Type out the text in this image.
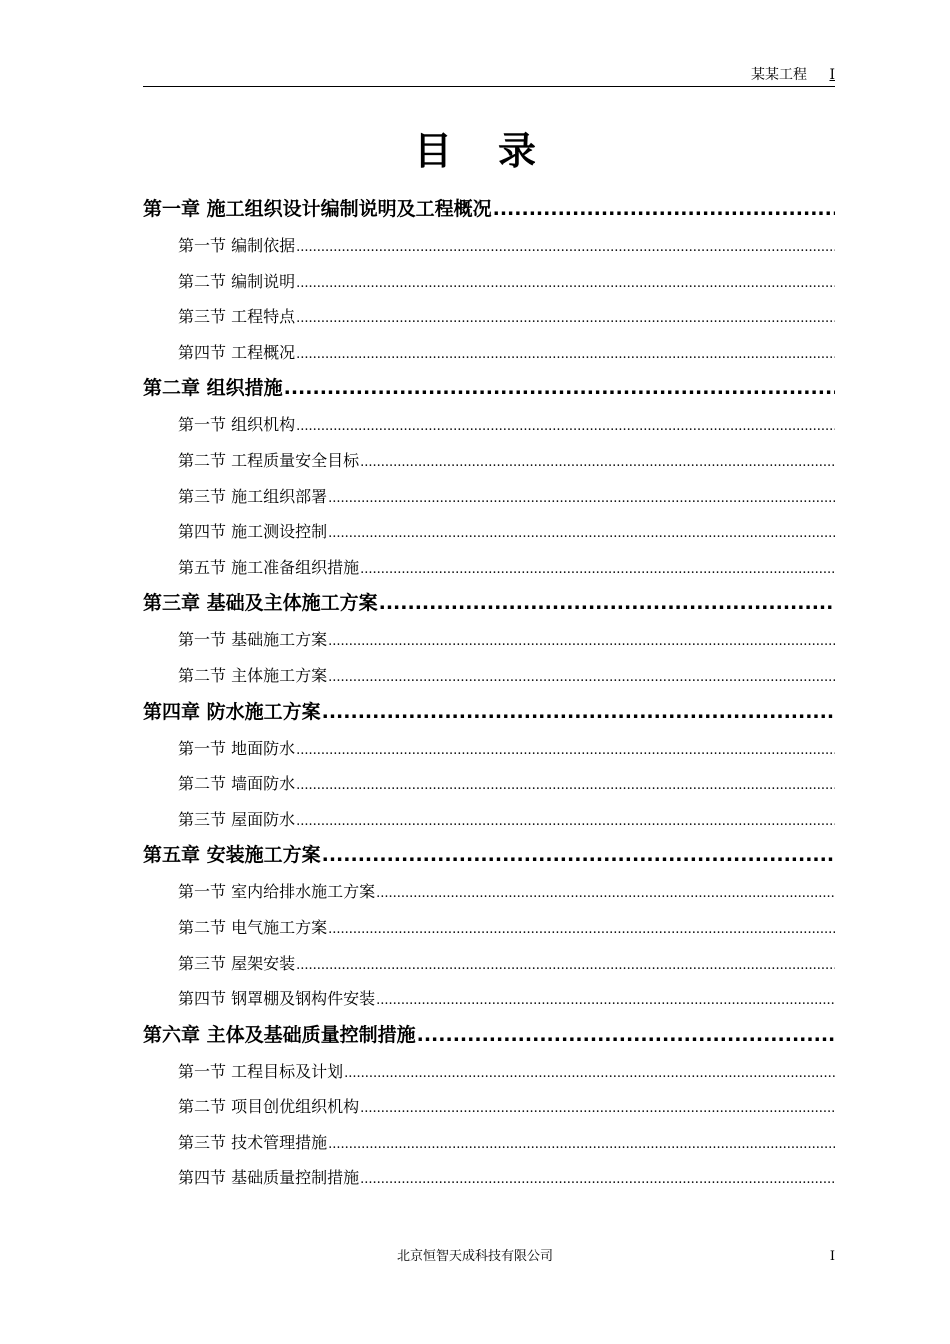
某某工程 I
目录
第一章 施工组织设计编制说明及工程概况
.....
第一节 编制依据
.....
第二节 编制说明
.....
第三节 工程特点
.....
第四节 工程概况
.....
第二章 组织措施
.....
第一节 组织机构
.....
第二节 工程质量安全目标
.....
第三节 施工组织部署
.....
第四节 施工测设控制
.....
第五节 施工准备组织措施
.....
第三章 基础及主体施工方案
.....
第一节 基础施工方案
.....
第二节 主体施工方案
.....
第四章 防水施工方案
.....
第一节 地面防水
.....
第二节 墙面防水
.....
第三节 屋面防水
.....
第五章 安装施工方案
.....
第一节 室内给排水施工方案
.....
第二节 电气施工方案
.....
第三节 屋架安装
.....
第四节 钢罩棚及钢构件安装
.....
第六章 主体及基础质量控制措施
.....
第一节 工程目标及计划
.....
第二节 项目创优组织机构
.....
第三节 技术管理措施
.....
第四节 基础质量控制措施
.....
北京恒智天成科技有限公司	I
